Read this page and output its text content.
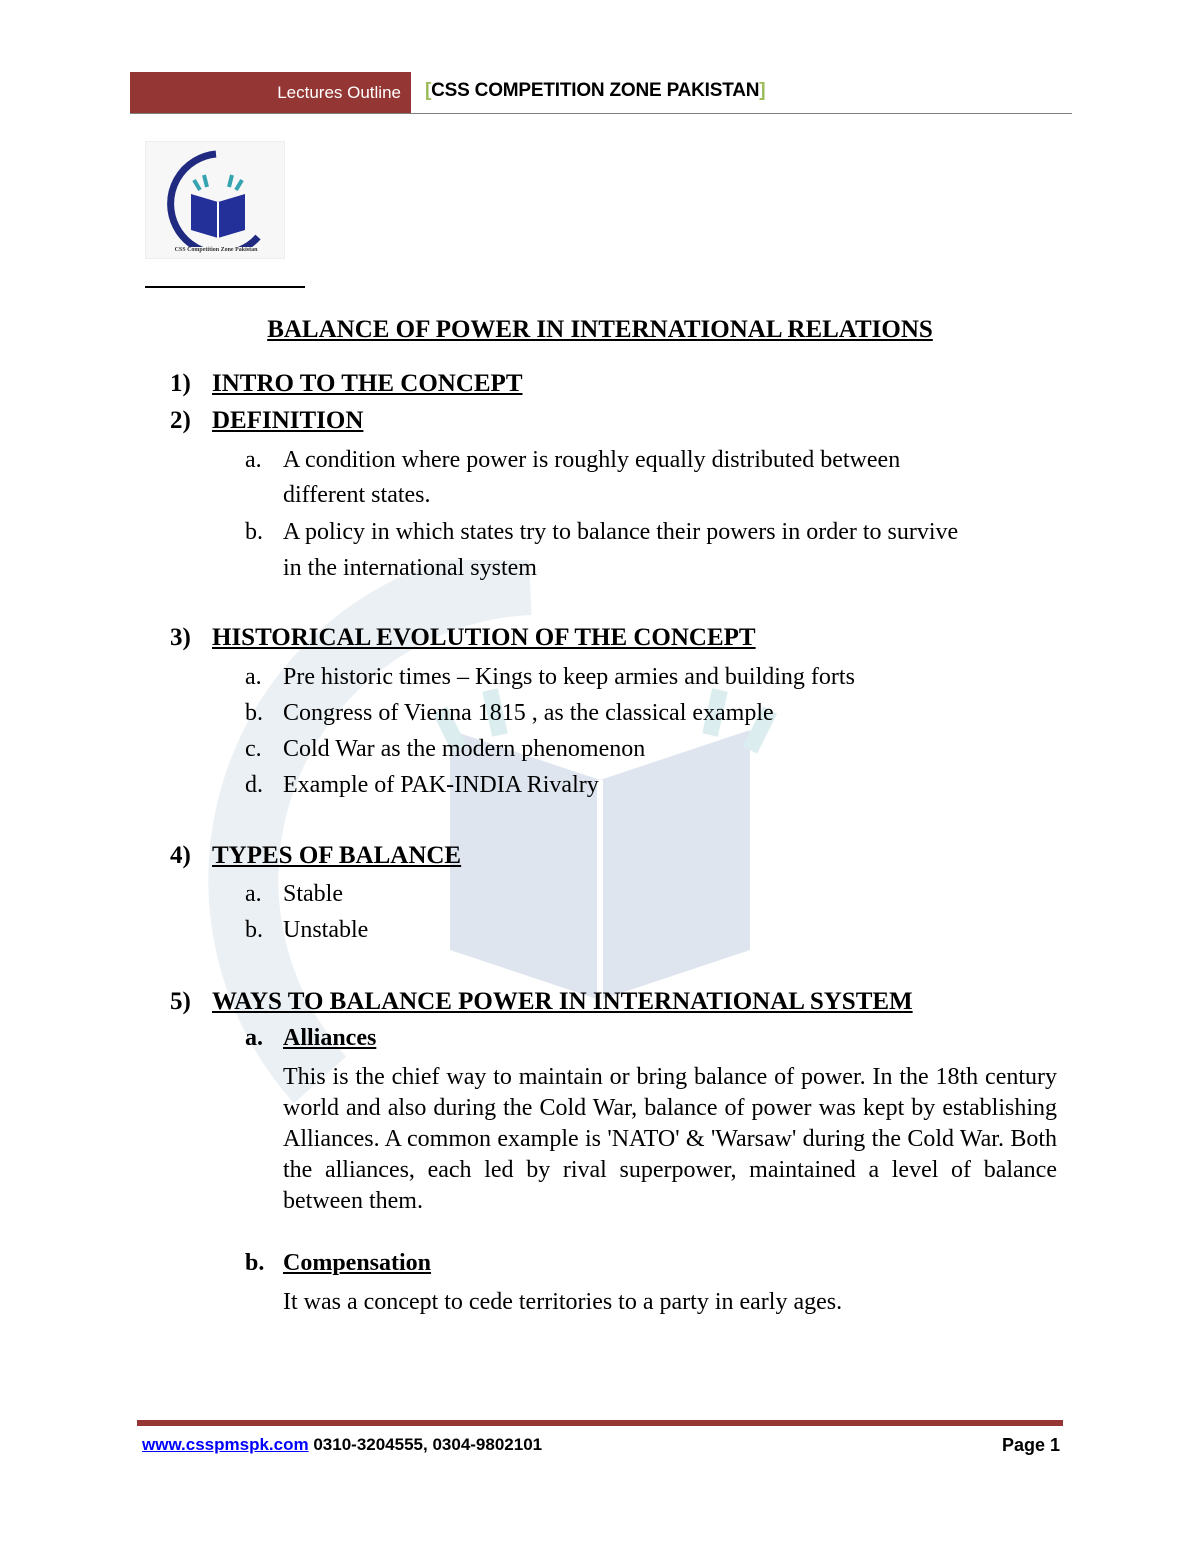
Lectures Outline [CSS COMPETITION ZONE PAKISTAN]
CSS Competition Zone Pakistan
BALANCE OF POWER IN INTERNATIONAL RELATIONS
1) INTRO TO THE CONCEPT
2) DEFINITION
a. A condition where power is roughly equally distributed between
different states.
b. A policy in which states try to balance their powers in order to survive
in the international system
3) HISTORICAL EVOLUTION OF THE CONCEPT
a. Pre historic times – Kings to keep armies and building forts
b. Congress of Vienna 1815 , as the classical example
c. Cold War as the modern phenomenon
d. Example of PAK-INDIA Rivalry
4) TYPES OF BALANCE
a. Stable
b. Unstable
5) WAYS TO BALANCE POWER IN INTERNATIONAL SYSTEM
a. Alliances
This is the chief way to maintain or bring balance of power. In the 18th century world and also during the Cold War, balance of power was kept by establishing Alliances. A common example is 'NATO' & 'Warsaw' during the Cold War. Both the alliances, each led by rival superpower, maintained a level of balance between them.
b. Compensation
It was a concept to cede territories to a party in early ages.
www.csspmspk.com 0310-3204555, 0304-9802101	Page 1
